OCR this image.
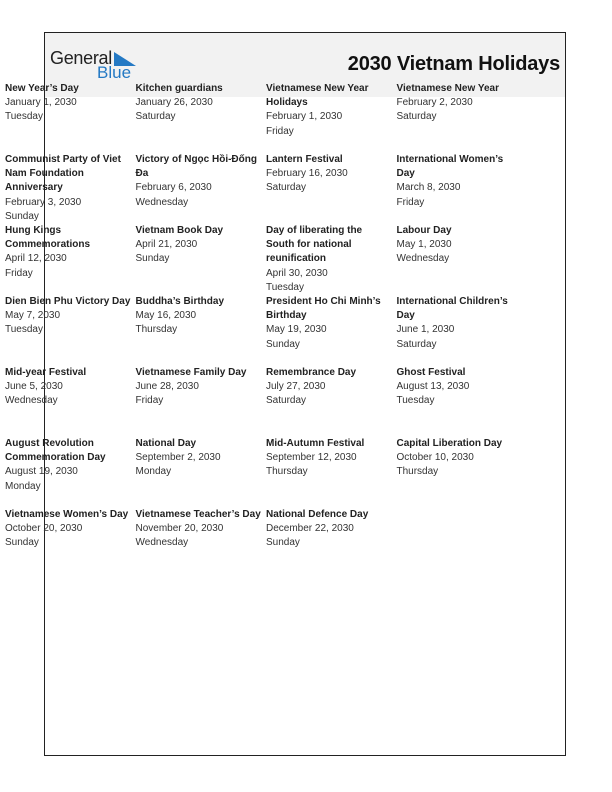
General
Blue	2030 Vietnam Holidays
New Year’s Day
January 1, 2030
Tuesday
Kitchen guardians
January 26, 2030
Saturday
Vietnamese New Year Holidays
February 1, 2030
Friday
Vietnamese New Year
February 2, 2030
Saturday
Communist Party of Viet Nam Foundation Anniversary
February 3, 2030
Sunday
Victory of Ngọc Hồi-Đống Đa
February 6, 2030
Wednesday
Lantern Festival
February 16, 2030
Saturday
International Women’s Day
March 8, 2030
Friday
Hung Kings Commemorations
April 12, 2030
Friday
Vietnam Book Day
April 21, 2030
Sunday
Day of liberating the South for national reunification
April 30, 2030
Tuesday
Labour Day
May 1, 2030
Wednesday
Dien Bien Phu Victory Day
May 7, 2030
Tuesday
Buddha’s Birthday
May 16, 2030
Thursday
President Ho Chi Minh’s Birthday
May 19, 2030
Sunday
International Children’s Day
June 1, 2030
Saturday
Mid-year Festival
June 5, 2030
Wednesday
Vietnamese Family Day
June 28, 2030
Friday
Remembrance Day
July 27, 2030
Saturday
Ghost Festival
August 13, 2030
Tuesday
August Revolution Commemoration Day
August 19, 2030
Monday
National Day
September 2, 2030
Monday
Mid-Autumn Festival
September 12, 2030
Thursday
Capital Liberation Day
October 10, 2030
Thursday
Vietnamese Women’s Day
October 20, 2030
Sunday
Vietnamese Teacher’s Day
November 20, 2030
Wednesday
National Defence Day
December 22, 2030
Sunday
